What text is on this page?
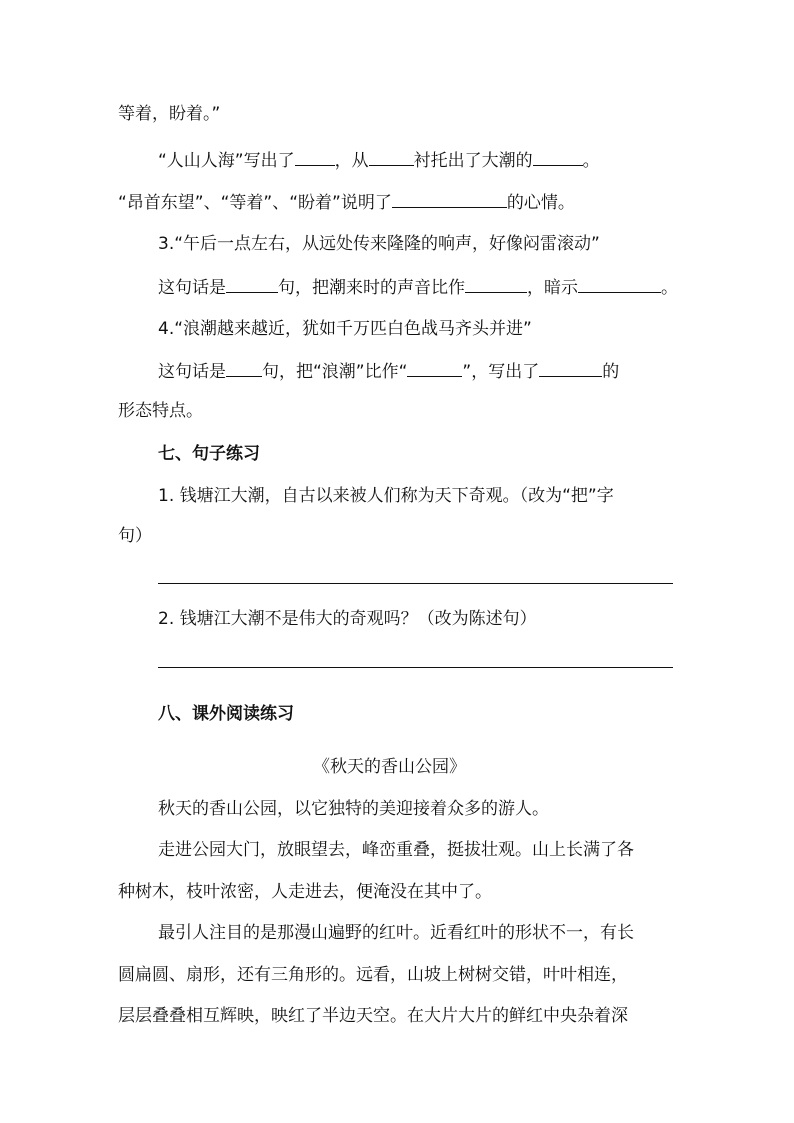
等着，盼着。”
“人山人海”写出了 ，从	衬托出了大潮的	。
“昂首东望”、“等着”、“盼着”说明了	的心情。
3.“午后一点左右，从远处传来隆隆的响声，好像闷雷滚动”
这句话是	句，把潮来时的声音比作	，暗示	。
4.“浪潮越来越近，犹如千万匹白色战马齐头并进”
这句话是 句，把“浪潮”比作“	”，写出了	的
形态特点。
七、句子练习
1. 钱塘江大潮，自古以来被人们称为天下奇观。（改为“把”字
句）
2. 钱塘江大潮不是伟大的奇观吗？（改为陈述句）
八、课外阅读练习
《秋天的香山公园》
秋天的香山公园，以它独特的美迎接着众多的游人。
走进公园大门，放眼望去，峰峦重叠，挺拔壮观。山上长满了各
种树木，枝叶浓密，人走进去，便淹没在其中了。
最引人注目的是那漫山遍野的红叶。近看红叶的形状不一，有长
圆扁圆、扇形，还有三角形的。远看，山坡上树树交错，叶叶相连，
层层叠叠相互辉映，映红了半边天空。在大片大片的鲜红中央杂着深
